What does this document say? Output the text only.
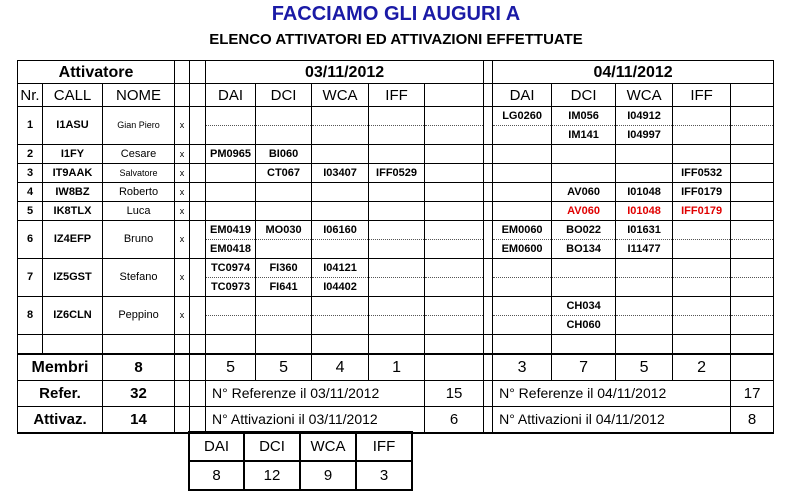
FACCIAMO GLI AUGURI A
ELENCO ATTIVATORI ED ATTIVAZIONI EFFETTUATE
Attivatore					03/11/2012						04/11/2012				
Nr.	CALL	NOME			DAI	DCI	WCA	IFF			DAI	DCI	WCA	IFF	
1	I1ASU	Gian Piero	x								LG0260	IM056	I04912		
												IM141	I04997		
2	I1FY	Cesare	x		PM0965	BI060									
3	IT9AAK	Salvatore	x			CT067	I03407	IFF0529						IFF0532	
4	IW8BZ	Roberto	x									AV060	I01048	IFF0179	
5	IK8TLX	Luca	x									AV060	I01048	IFF0179	
6	IZ4EFP	Bruno	x		EM0419	MO030	I06160				EM0060	BO022	I01631		
					EM0418						EM0600	BO134	I11477		
7	IZ5GST	Stefano	x		TC0974	FI360	I04121								
					TC0973	FI641	I04402								
8	IZ6CLN	Peppino	x									CH034			
												CH060			

Membri		8			5	5	4	1			3	7	5	2	
Refer.		32			N° Referenze il 03/11/2012				15		N° Referenze il 04/11/2012				17
Attivaz.		14			N° Attivazioni il 03/11/2012				6		N° Attivazioni il 04/11/2012				8
DAI	DCI	WCA	IFF
8	12	9	3
